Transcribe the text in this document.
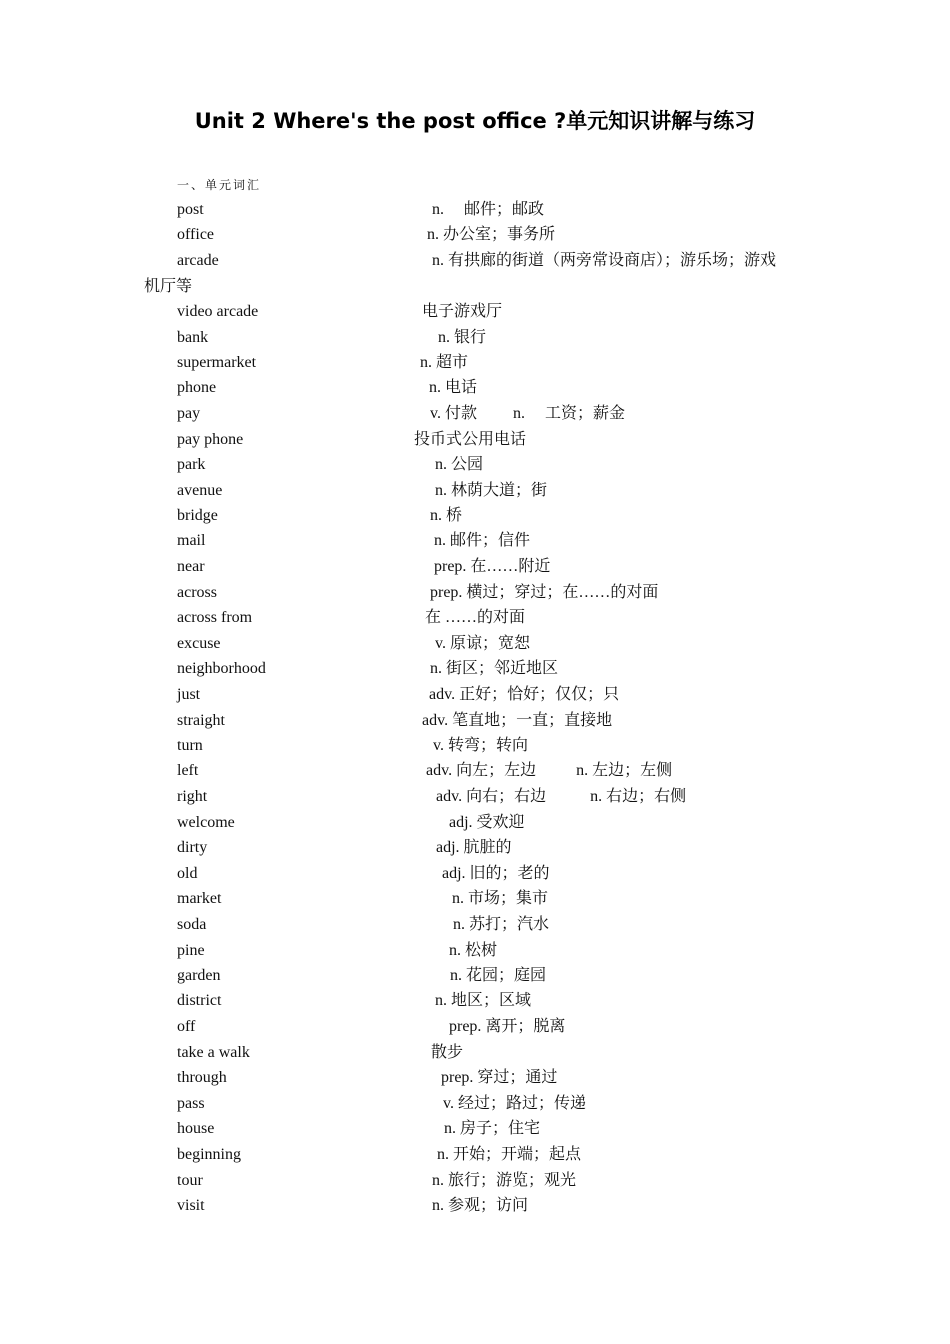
Unit 2 Where's the post office ?单元知识讲解与练习
一、单元词汇
post	n.     邮件；邮政
office	n. 办公室；事务所
arcade	n. 有拱廊的街道（两旁常设商店）；游乐场；游戏
机厅等
video arcade	电子游戏厅
bank	n. 银行
supermarket	n. 超市
phone	n. 电话
pay	v. 付款         n.     工资；薪金
pay phone	投币式公用电话
park	n. 公园
avenue	n. 林荫大道；街
bridge	n. 桥
mail	n. 邮件；信件
near	prep. 在……附近
across	prep. 横过；穿过；在……的对面
across from	在 ……的对面
excuse	v. 原谅；宽恕
neighborhood	n. 街区；邻近地区
just	adv. 正好；恰好；仅仅；只
straight	adv. 笔直地；一直；直接地
turn	v. 转弯；转向
left	adv. 向左；左边          n. 左边；左侧
right	adv. 向右；右边           n. 右边；右侧
welcome	adj. 受欢迎
dirty	adj. 肮脏的
old	adj. 旧的；老的
market	n. 市场；集市
soda	n. 苏打；汽水
pine	n. 松树
garden	n. 花园；庭园
district	n. 地区；区域
off	prep. 离开；脱离
take a walk	散步
through	prep. 穿过；通过
pass	v. 经过；路过；传递
house	n. 房子；住宅
beginning	n. 开始；开端；起点
tour	n. 旅行；游览；观光
visit	n. 参观；访问
